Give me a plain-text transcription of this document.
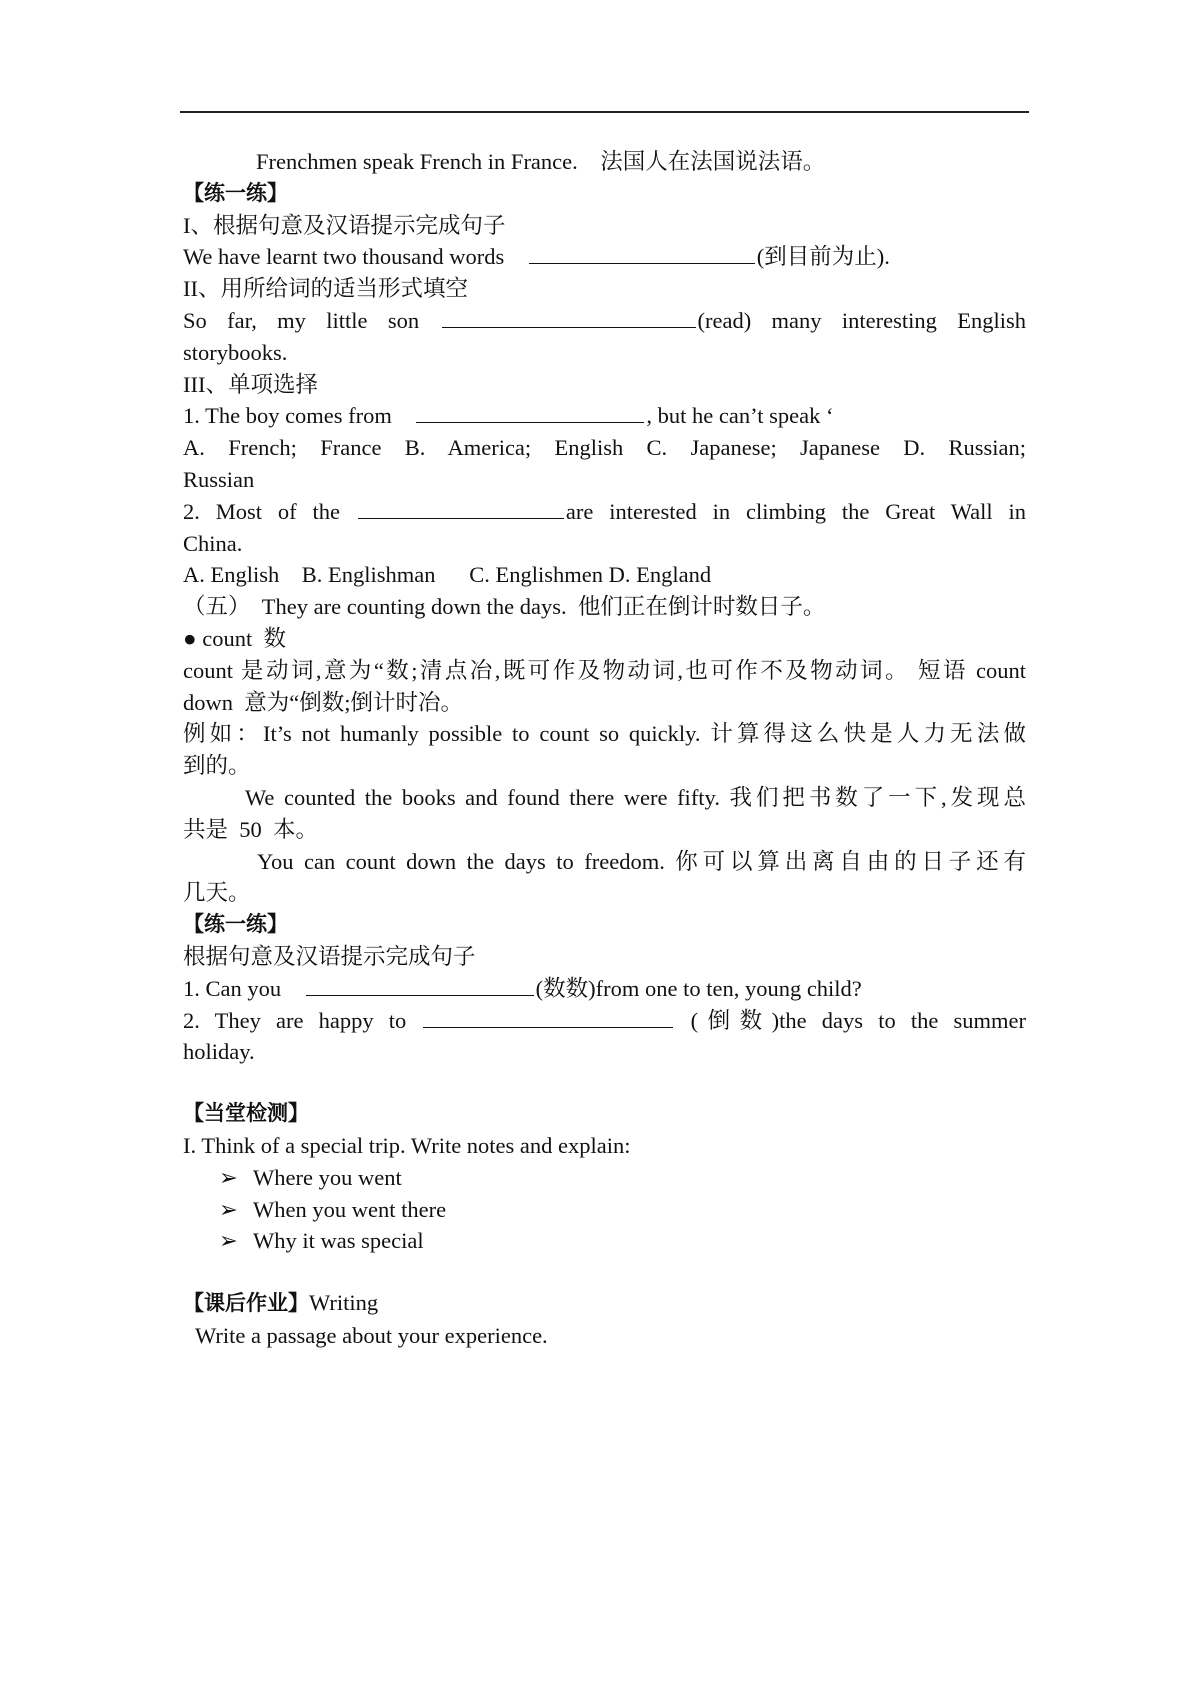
Frenchmen speak French in France.    法国人在法国说法语。
【练一练】
I、根据句意及汉语提示完成句子
We have learnt two thousand words	(到目前为止).
II、用所给词的适当形式填空
So far, my little son	(read) many interesting English
storybooks.
III、单项选择
1. The boy comes from	, but he can’t speak ‘
A. French; France B. America; English C. Japanese; Japanese D. Russian;
Russian
2. Most of the	are interested in climbing the Great Wall in
China.
A. English    B. Englishman      C. Englishmen D. England
（五）  They are counting down the days.  他们正在倒计时数日子。
● count  数
count 是动词,意为“数;清点冶,既可作及物动词,也可作不及物动词。 短语 count
down  意为“倒数;倒计时冶。
例如：It’s not humanly possible to count so quickly. 计算得这么快是人力无法做
到的。
We counted the books and found there were fifty. 我们把书数了一下,发现总
共是  50  本。
You can count down the days to freedom. 你可以算出离自由的日子还有
几天。
【练一练】
根据句意及汉语提示完成句子
1. Can you	(数数)from one to ten, young child?
2. They are happy to	(倒数)the days to the summer
holiday.
【当堂检测】
I. Think of a special trip. Write notes and explain:
➢ Where you went
➢ When you went there
➢ Why it was special
【课后作业】Writing
Write a passage about your experience.
